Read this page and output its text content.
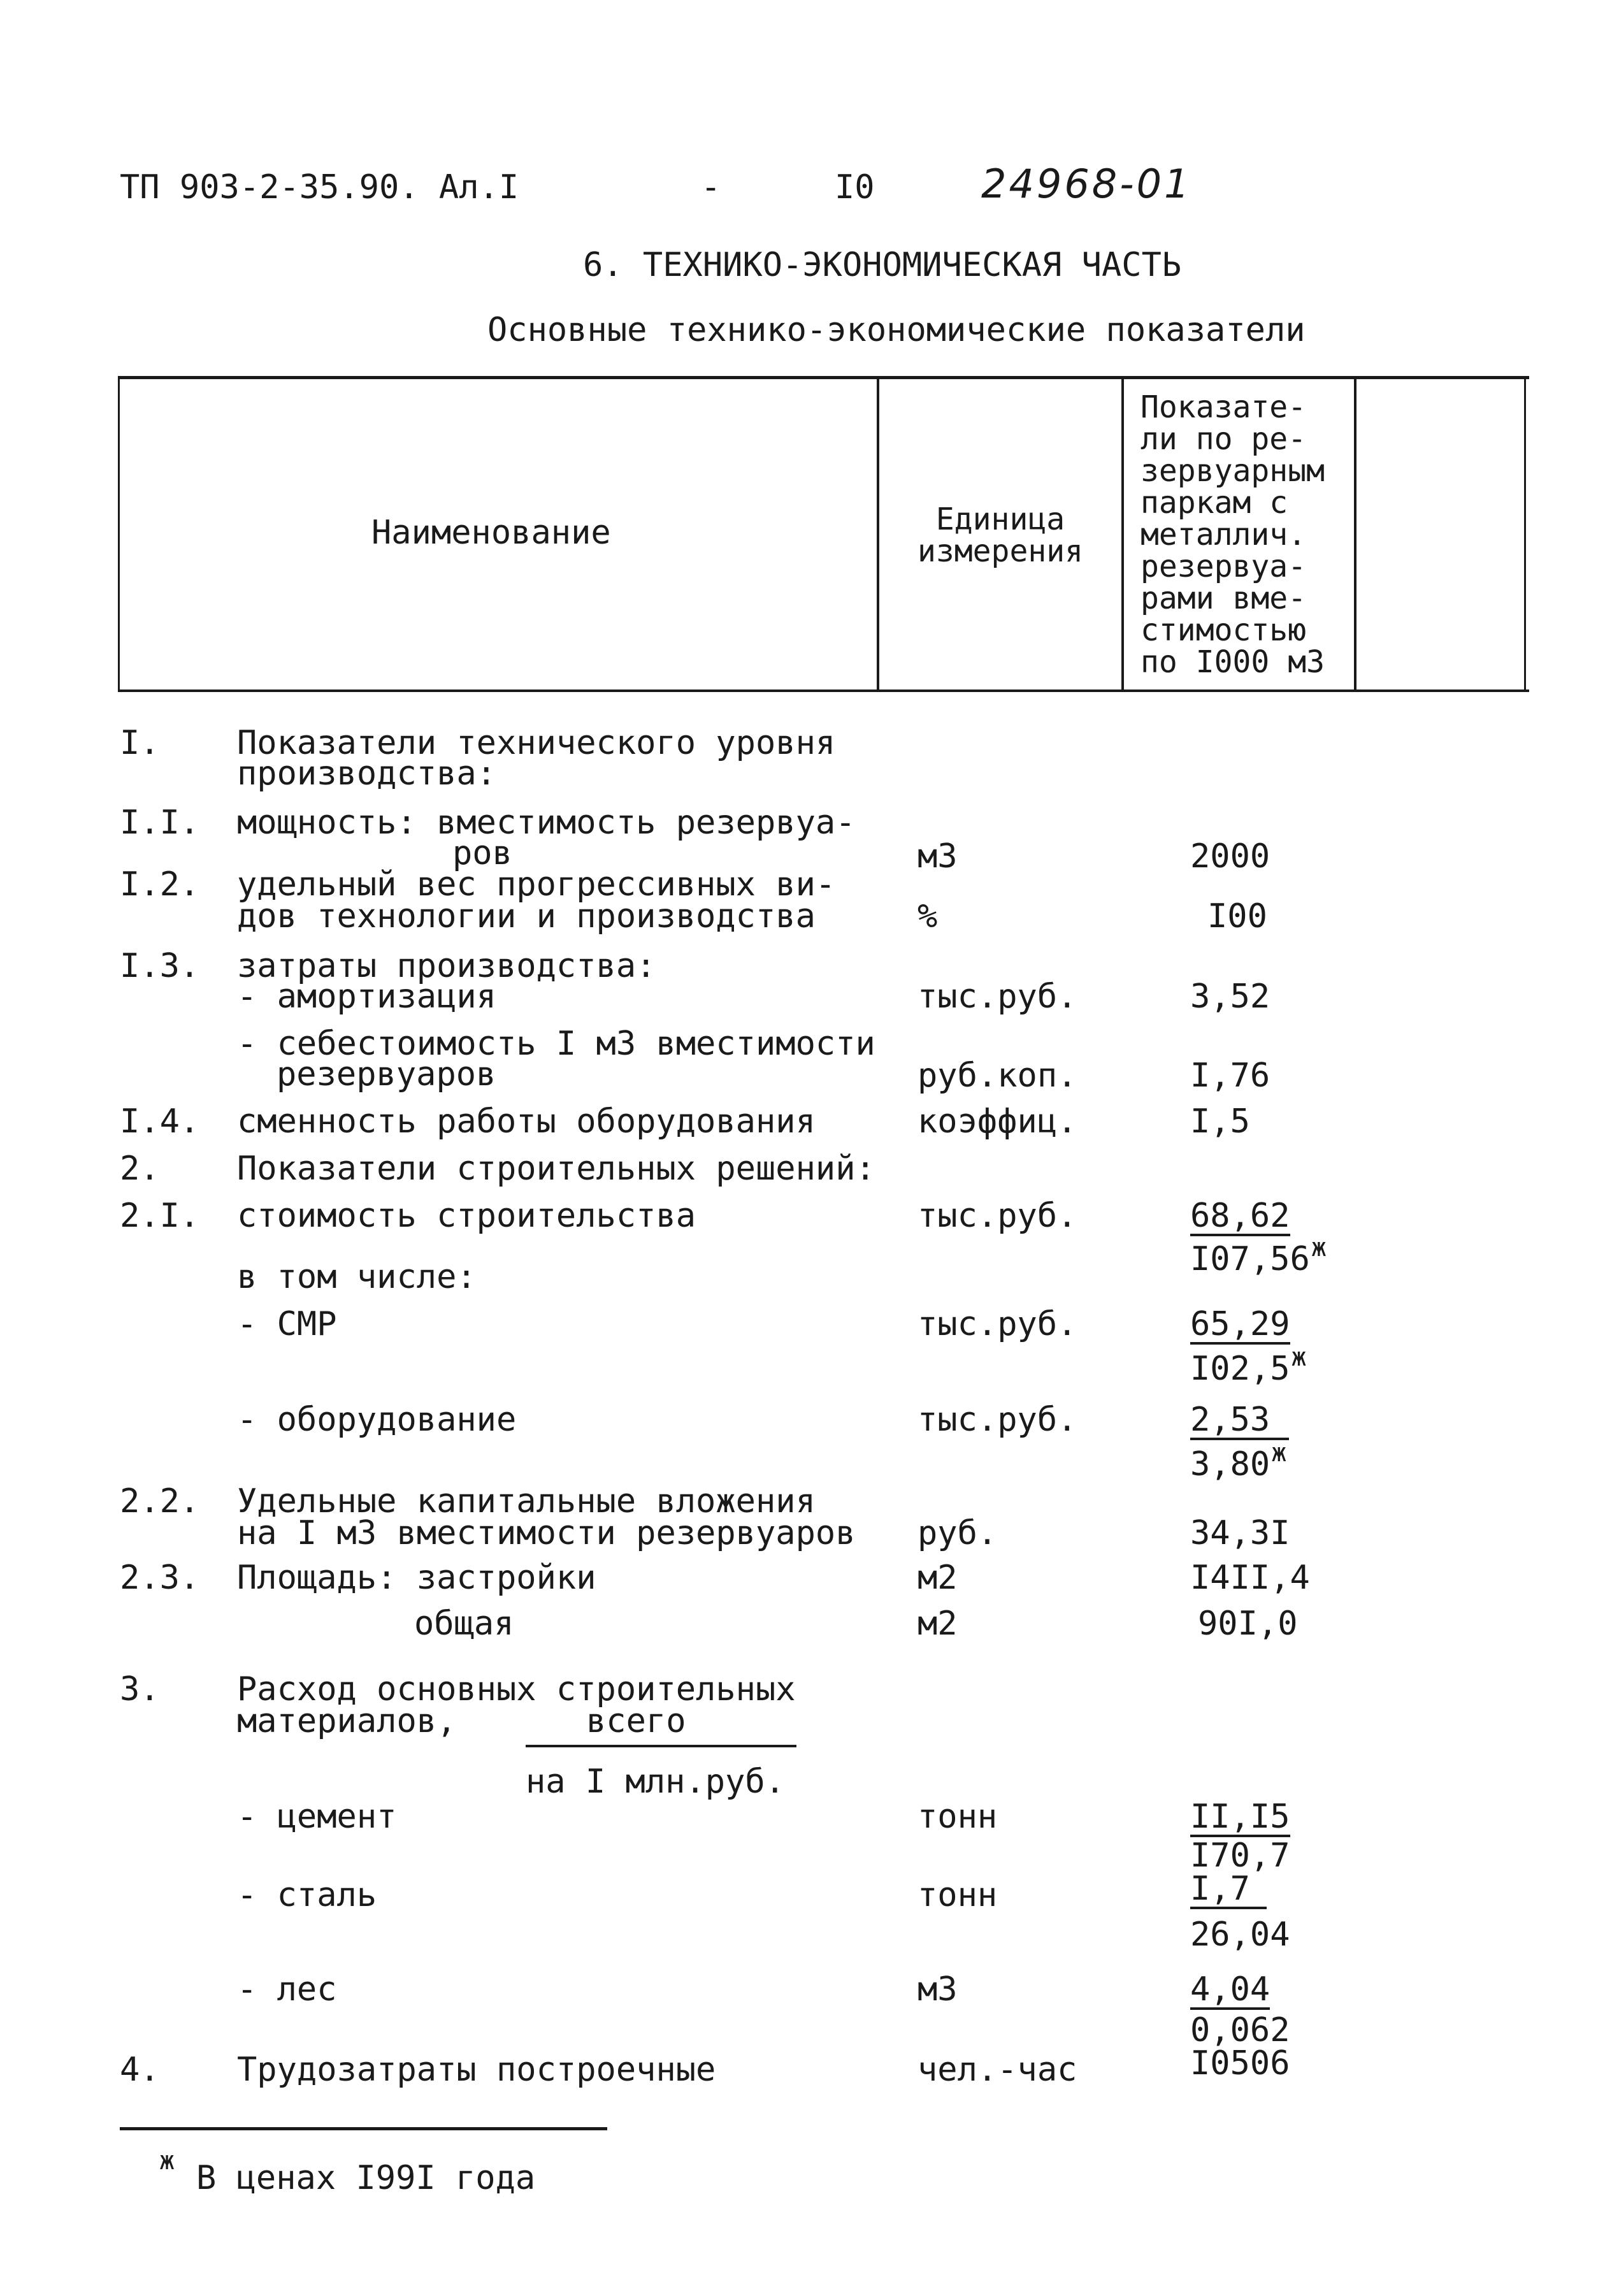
ТП 903-2-35.90. Ал.I	-	I0	24968-01
6. ТЕХНИКО-ЭКОНОМИЧЕСКАЯ ЧАСТЬ
Основные технико-экономические показатели
Наименование	Единица
измерения
Показате-
ли по ре-
зервуарным
паркам с
металлич.
резервуа-
рами вме-
стимостью
по I000 м3
I. Показатели технического уровня
производства:
I.I. мощность: вместимость резервуа-
ров	м3	2000
I.2. удельный вес прогрессивных ви-
дов технологии и производства	%	I00
I.3. затраты производства:
- амортизация	тыс.руб.	3,52
- себестоимость I м3 вместимости
резервуаров	руб.коп.	I,76
I.4. сменность работы оборудования	коэффиц.	I,5
2. Показатели строительных решений:
2.I. стоимость строительства	тыс.руб.	68,62
$I07,56^ж$
в том числе:
- СМР	тыс.руб.	65,29
$I02,5^ж$
- оборудование	тыс.руб.	2,53
$3,80^ж$
2.2. Удельные капитальные вложения
на I м3 вместимости резервуаров руб.	34,3I
2.3. Площадь: застройки	м2	I4II,4
общая	м2	90I,0
3. Расход основных строительных
материалов,	всего
на I млн.руб.
- цемент	тонн	II,I5
I70,7
- сталь	тонн	I,7
26,04
- лес	м3	4,04
0,062
4. Трудозатраты построечные	чел.-час	I0506
ж В ценах I99I года
